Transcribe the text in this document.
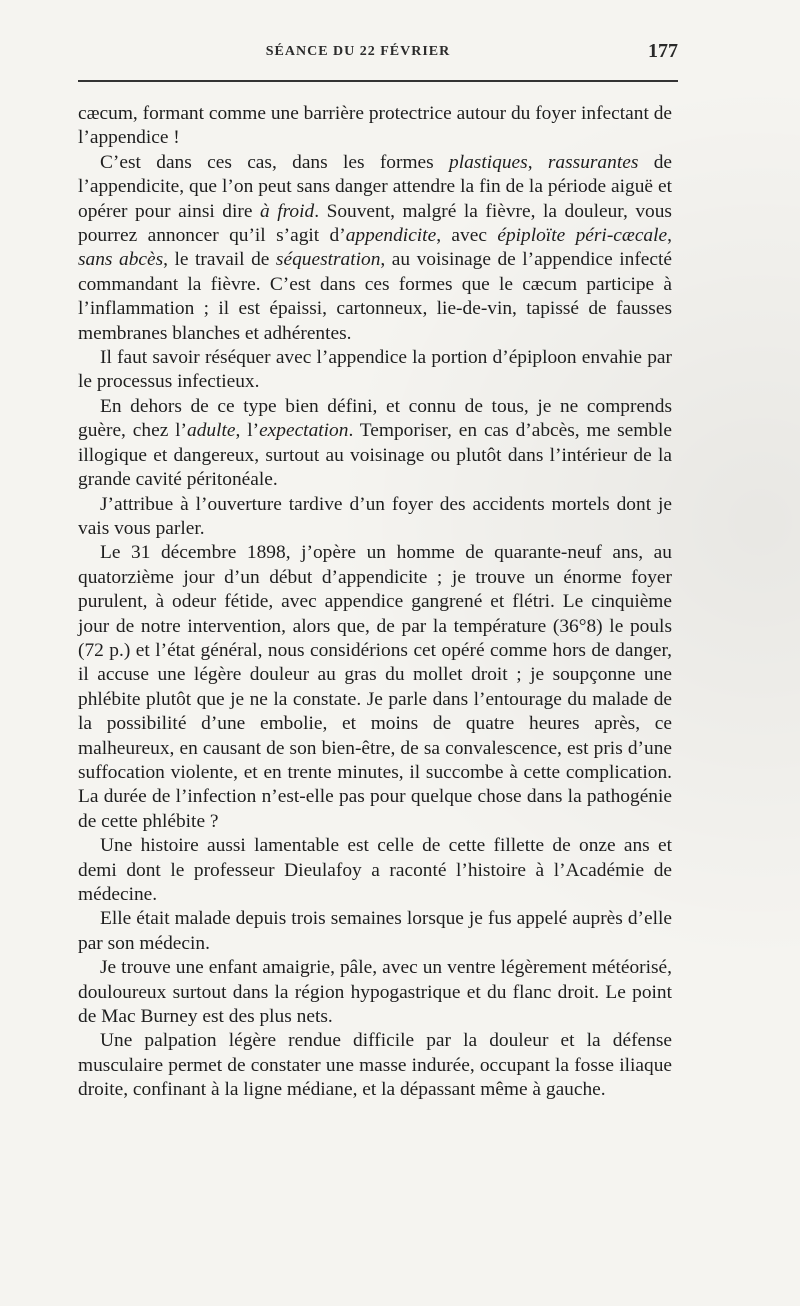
SÉANCE DU 22 FÉVRIER	177

cæcum, formant comme une barrière protectrice autour du foyer infectant de l’appendice !

C’est dans ces cas, dans les formes plastiques, rassurantes de l’appendicite, que l’on peut sans danger attendre la fin de la période aiguë et opérer pour ainsi dire à froid. Souvent, malgré la fièvre, la douleur, vous pourrez annoncer qu’il s’agit d’appendicite, avec épiploïte péri-cæcale, sans abcès, le travail de séquestration, au voisinage de l’appendice infecté commandant la fièvre. C’est dans ces formes que le cæcum participe à l’inflammation ; il est épaissi, cartonneux, lie-de-vin, tapissé de fausses membranes blanches et adhérentes.

Il faut savoir réséquer avec l’appendice la portion d’épiploon envahie par le processus infectieux.

En dehors de ce type bien défini, et connu de tous, je ne comprends guère, chez l’adulte, l’expectation. Temporiser, en cas d’abcès, me semble illogique et dangereux, surtout au voisinage ou plutôt dans l’intérieur de la grande cavité péritonéale.

J’attribue à l’ouverture tardive d’un foyer des accidents mortels dont je vais vous parler.

Le 31 décembre 1898, j’opère un homme de quarante-neuf ans, au quatorzième jour d’un début d’appendicite ; je trouve un énorme foyer purulent, à odeur fétide, avec appendice gangrené et flétri. Le cinquième jour de notre intervention, alors que, de par la température (36°8) le pouls (72 p.) et l’état général, nous considérions cet opéré comme hors de danger, il accuse une légère douleur au gras du mollet droit ; je soupçonne une phlébite plutôt que je ne la constate. Je parle dans l’entourage du malade de la possibilité d’une embolie, et moins de quatre heures après, ce malheureux, en causant de son bien-être, de sa convalescence, est pris d’une suffocation violente, et en trente minutes, il succombe à cette complication. La durée de l’infection n’est-elle pas pour quelque chose dans la pathogénie de cette phlébite ?

Une histoire aussi lamentable est celle de cette fillette de onze ans et demi dont le professeur Dieulafoy a raconté l’histoire à l’Académie de médecine.

Elle était malade depuis trois semaines lorsque je fus appelé auprès d’elle par son médecin.

Je trouve une enfant amaigrie, pâle, avec un ventre légèrement météorisé, douloureux surtout dans la région hypogastrique et du flanc droit. Le point de Mac Burney est des plus nets.

Une palpation légère rendue difficile par la douleur et la défense musculaire permet de constater une masse indurée, occupant la fosse iliaque droite, confinant à la ligne médiane, et la dépassant même à gauche.
